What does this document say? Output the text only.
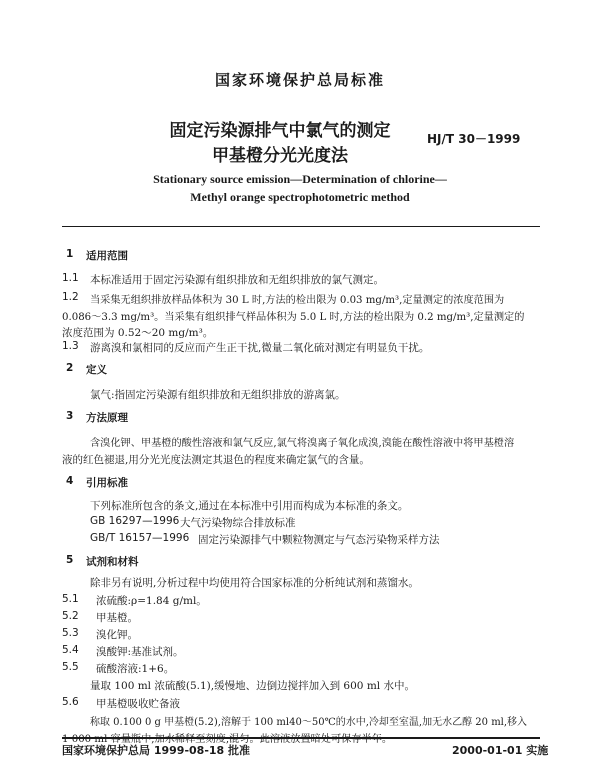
国家环境保护总局标准
固定污染源排气中氯气的测定
甲基橙分光光度法
HJ/T 30－1999
Stationary source emission—Determination of chlorine—
Methyl orange spectrophotometric method
1 适用范围
1.1 本标准适用于固定污染源有组织排放和无组织排放的氯气测定。
1.2 当采集无组织排放样品体积为 30 L 时,方法的检出限为 0.03 mg/m³,定量测定的浓度范围为
0.086～3.3 mg/m³。当采集有组织排气样品体积为 5.0 L 时,方法的检出限为 0.2 mg/m³,定量测定的
浓度范围为 0.52～20 mg/m³。
1.3 游离溴和氯相同的反应而产生正干扰,微量二氧化硫对测定有明显负干扰。
2 定义
氯气:指固定污染源有组织排放和无组织排放的游离氯。
3 方法原理
含溴化钾、甲基橙的酸性溶液和氯气反应,氯气将溴离子氧化成溴,溴能在酸性溶液中将甲基橙溶
液的红色褪退,用分光光度法测定其退色的程度来确定氯气的含量。
4 引用标准
下列标准所包含的条文,通过在本标准中引用而构成为本标准的条文。
GB 16297—1996 大气污染物综合排放标准
GB/T 16157—1996 固定污染源排气中颗粒物测定与气态污染物采样方法
5 试剂和材料
除非另有说明,分析过程中均使用符合国家标准的分析纯试剂和蒸馏水。
5.1 浓硫酸:ρ=1.84 g/ml。
5.2 甲基橙。
5.3 溴化钾。
5.4 溴酸钾:基准试剂。
5.5 硫酸溶液:1+6。
量取 100 ml 浓硫酸(5.1),缓慢地、边倒边搅拌加入到 600 ml 水中。
5.6 甲基橙吸收贮备液
称取 0.100 0 g 甲基橙(5.2),溶解于 100 ml40～50℃的水中,冷却至室温,加无水乙醇 20 ml,移入
1 000 ml 容量瓶中,加水稀释至刻度,混匀。此溶液放置暗处可保存半年。
国家环境保护总局 1999-08-18 批准	2000-01-01 实施
